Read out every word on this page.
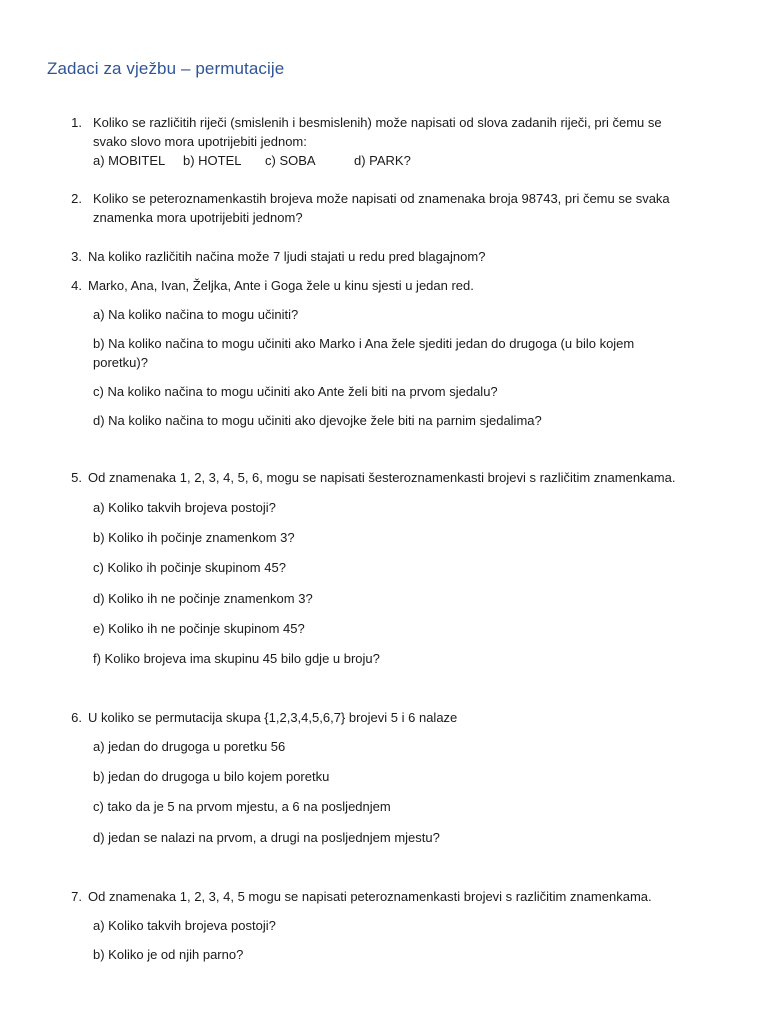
Zadaci za vježbu – permutacije
1. Koliko se različitih riječi (smislenih i besmislenih) može napisati od slova zadanih riječi, pri čemu se
svako slovo mora upotrijebiti jednom:
a) MOBITEL b) HOTEL c) SOBA	d) PARK?
2. Koliko se peteroznamenkastih brojeva može napisati od znamenaka broja 98743, pri čemu se svaka
znamenka mora upotrijebiti jednom?
3. Na koliko različitih načina može 7 ljudi stajati u redu pred blagajnom?
4. Marko, Ana, Ivan, Željka, Ante i Goga žele u kinu sjesti u jedan red.
a) Na koliko načina to mogu učiniti?
b) Na koliko načina to mogu učiniti ako Marko i Ana žele sjediti jedan do drugoga (u bilo kojem
poretku)?
c) Na koliko načina to mogu učiniti ako Ante želi biti na prvom sjedalu?
d) Na koliko načina to mogu učiniti ako djevojke žele biti na parnim sjedalima?
5. Od znamenaka 1, 2, 3, 4, 5, 6, mogu se napisati šesteroznamenkasti brojevi s različitim znamenkama.
a) Koliko takvih brojeva postoji?
b) Koliko ih počinje znamenkom 3?
c) Koliko ih počinje skupinom 45?
d) Koliko ih ne počinje znamenkom 3?
e) Koliko ih ne počinje skupinom 45?
f) Koliko brojeva ima skupinu 45 bilo gdje u broju?
6. U koliko se permutacija skupa {1,2,3,4,5,6,7} brojevi 5 i 6 nalaze
a) jedan do drugoga u poretku 56
b) jedan do drugoga u bilo kojem poretku
c) tako da je 5 na prvom mjestu, a 6 na posljednjem
d) jedan se nalazi na prvom, a drugi na posljednjem mjestu?
7. Od znamenaka 1, 2, 3, 4, 5 mogu se napisati peteroznamenkasti brojevi s različitim znamenkama.
a) Koliko takvih brojeva postoji?
b) Koliko je od njih parno?
